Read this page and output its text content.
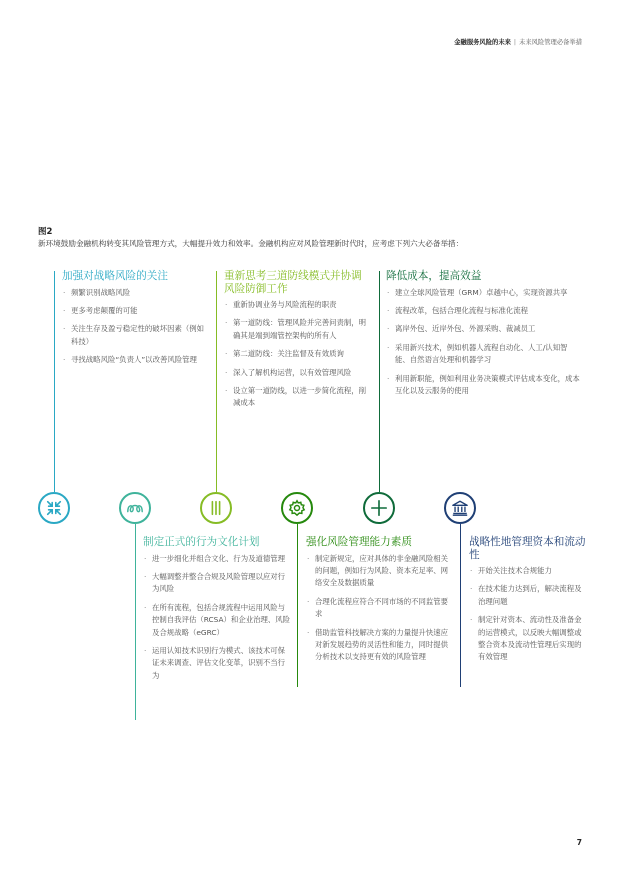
金融服务风险的未来 | 未来风险管理必备举措
图2
新环境鼓励金融机构转变其风险管理方式，大幅提升效力和效率。金融机构应对风险管理新时代时，应考虑下列六大必备举措：
加强对战略风险的关注
· 频繁识别战略风险
· 更多考虑颠覆的可能
· 关注生存及盈亏稳定性的破坏因素（例如科技）
· 寻找战略风险“负责人”以改善风险管理
重新思考三道防线模式并协调风险防御工作
· 重新协调业务与风险流程的职责
· 第一道防线：管理风险并完善问责制，明确其是端到端管控架构的所有人
· 第二道防线：关注监督及有效质询
· 深入了解机构运营，以有效管理风险
· 设立第一道防线，以进一步简化流程，削减成本
降低成本，提高效益
· 建立全球风险管理（GRM）卓越中心，实现资源共享
· 流程改革，包括合理化流程与标准化流程
· 离岸外包、近岸外包、外源采购、裁减员工
· 采用新兴技术，例如机器人流程自动化、人工/认知智能、自然语言处理和机器学习
· 利用新职能，例如利用业务决策模式评估成本变化，成本互化以及云服务的使用
制定正式的行为文化计划
· 进一步细化并组合文化、行为及道德管理
· 大幅调整并整合合规及风险管理以应对行为风险
· 在所有流程，包括合规流程中运用风险与控制自我评估（RCSA）和企业治理、风险及合规战略（eGRC）
· 运用认知技术识别行为模式、该技术可保证未来调查、评估文化变革，识别不当行为
强化风险管理能力素质
· 制定新规定，应对具体的非金融风险相关的问题，例如行为风险、资本充足率、网络安全及数据质量
· 合理化流程应符合不同市场的不同监管要求
· 借助监管科技解决方案的力量提升快速应对新发展趋势的灵活性和能力，同时提供分析技术以支持更有效的风险管理
战略性地管理资本和流动性
· 开始关注技术合规能力
· 在技术能力达到后，解决流程及治理问题
· 制定针对资本、流动性及准备金的运营模式，以反映大幅调整或整合资本及流动性管理后实现的有效管理
7
